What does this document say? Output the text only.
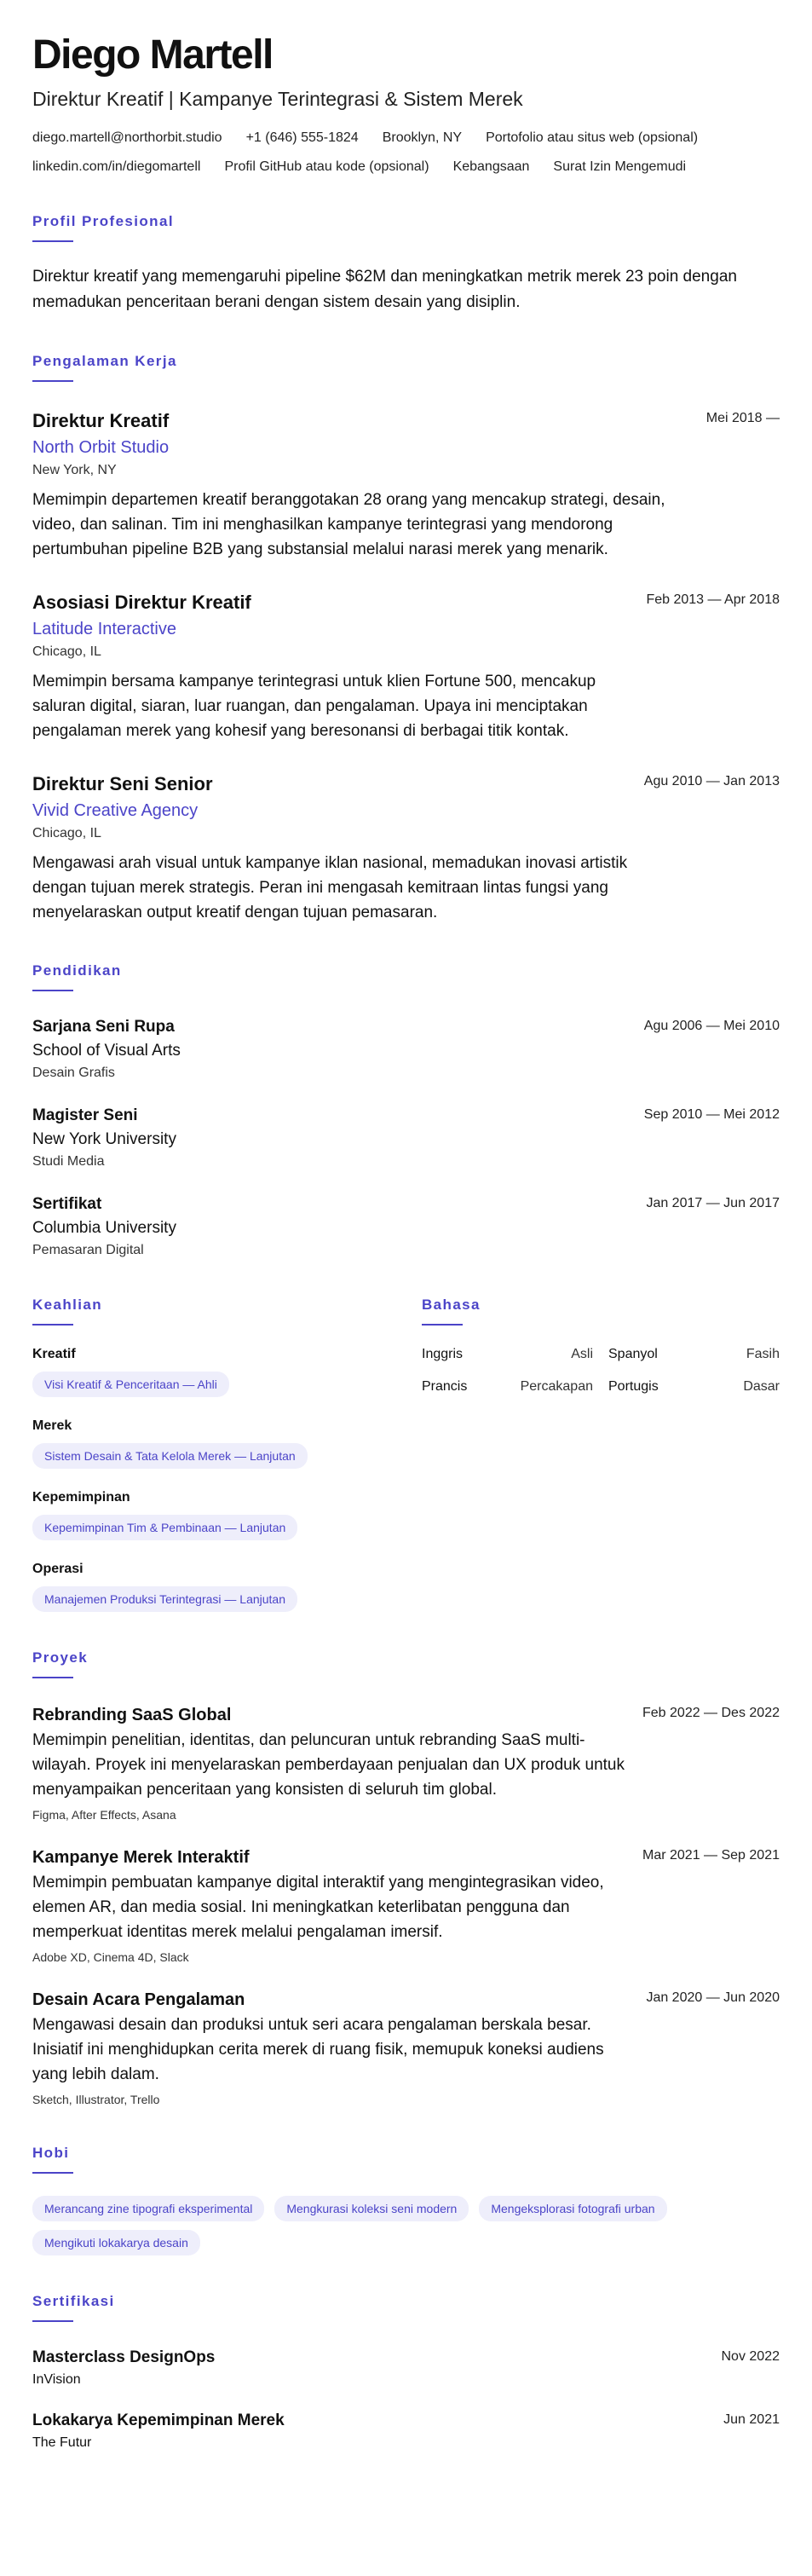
Diego Martell
Direktur Kreatif | Kampanye Terintegrasi & Sistem Merek
diego.martell@northorbit.studio +1 (646) 555-1824 Brooklyn, NY Portofolio atau situs web (opsional)
linkedin.com/in/diegomartell Profil GitHub atau kode (opsional) Kebangsaan Surat Izin Mengemudi
Profil Profesional

Direktur kreatif yang memengaruhi pipeline $62M dan meningkatkan metrik merek 23 poin dengan memadukan penceritaan berani dengan sistem desain yang disiplin.

Pengalaman Kerja
Direktur Kreatif
North Orbit Studio
New York, NY

Memimpin departemen kreatif beranggotakan 28 orang yang mencakup strategi, desain, video, dan salinan. Tim ini menghasilkan kampanye terintegrasi yang mendorong pertumbuhan pipeline B2B yang substansial melalui narasi merek yang menarik.

Mei 2018 —
Asosiasi Direktur Kreatif
Latitude Interactive
Chicago, IL

Memimpin bersama kampanye terintegrasi untuk klien Fortune 500, mencakup saluran digital, siaran, luar ruangan, dan pengalaman. Upaya ini menciptakan pengalaman merek yang kohesif yang beresonansi di berbagai titik kontak.

Feb 2013 — Apr 2018
Direktur Seni Senior
Vivid Creative Agency
Chicago, IL

Mengawasi arah visual untuk kampanye iklan nasional, memadukan inovasi artistik dengan tujuan merek strategis. Peran ini mengasah kemitraan lintas fungsi yang menyelaraskan output kreatif dengan tujuan pemasaran.

Agu 2010 — Jan 2013
Pendidikan
Sarjana Seni Rupa
School of Visual Arts
Desain Grafis
Agu 2006 — Mei 2010
Magister Seni
New York University
Studi Media
Sep 2010 — Mei 2012
Sertifikat
Columbia University
Pemasaran Digital
Jan 2017 — Jun 2017
Keahlian
Kreatif
Visi Kreatif & Penceritaan — Ahli
Merek
Sistem Desain & Tata Kelola Merek — Lanjutan
Kepemimpinan
Kepemimpinan Tim & Pembinaan — Lanjutan
Operasi
Manajemen Produksi Terintegrasi — Lanjutan
Bahasa
Inggris	Asli Spanyol	Fasih
Prancis	Percakapan Portugis	Dasar
Proyek
Rebranding SaaS Global

Memimpin penelitian, identitas, dan peluncuran untuk rebranding SaaS multi-wilayah. Proyek ini menyelaraskan pemberdayaan penjualan dan UX produk untuk menyampaikan penceritaan yang konsisten di seluruh tim global.

Figma, After Effects, Asana
Feb 2022 — Des 2022
Kampanye Merek Interaktif

Memimpin pembuatan kampanye digital interaktif yang mengintegrasikan video, elemen AR, dan media sosial. Ini meningkatkan keterlibatan pengguna dan memperkuat identitas merek melalui pengalaman imersif.

Adobe XD, Cinema 4D, Slack
Mar 2021 — Sep 2021
Desain Acara Pengalaman

Mengawasi desain dan produksi untuk seri acara pengalaman berskala besar. Inisiatif ini menghidupkan cerita merek di ruang fisik, memupuk koneksi audiens yang lebih dalam.

Sketch, Illustrator, Trello
Jan 2020 — Jun 2020
Hobi
Merancang zine tipografi eksperimental	Mengkurasi koleksi seni modern	Mengeksplorasi fotografi urban
Mengikuti lokakarya desain
Sertifikasi
Masterclass DesignOps
InVision
Nov 2022
Lokakarya Kepemimpinan Merek
The Futur
Jun 2021
